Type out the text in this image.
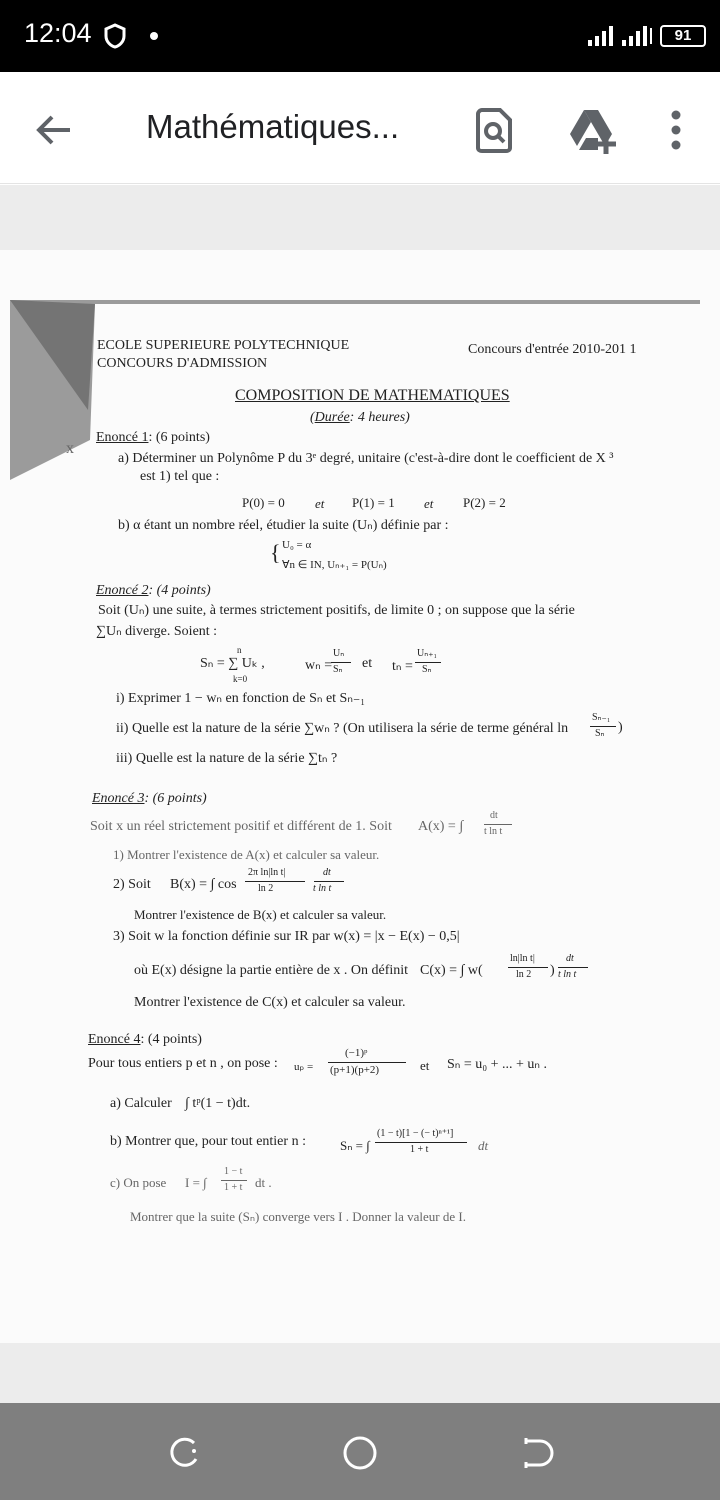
12:04	91
Mathématiques...
ECOLE SUPERIEURE POLYTECHNIQUE
CONCOURS D'ADMISSION
Concours d'entrée 2010-201 1
COMPOSITION DE MATHEMATIQUES
(Durée: 4 heures)
x
Enoncé 1: (6 points)
a) Déterminer un Polynôme P du 3ᵉ degré, unitaire (c'est-à-dire dont le coefficient de X ³
est 1) tel que :
P(0) = 0 et P(1) = 1 et P(2) = 2
b) α étant un nombre réel, étudier la suite (Uₙ) définie par :
{ U₀ = α
∀n ∈ IN, Uₙ₊₁ = P(Uₙ)
Enoncé 2: (4 points)
Soit (Uₙ) une suite, à termes strictement positifs, de limite 0 ; on suppose que la série
∑Uₙ diverge. Soient :
n
Sₙ = ∑ Uₖ ,
k=0
wₙ =
Uₙ
Sₙ et tₙ =
Uₙ₊₁
Sₙ
i) Exprimer 1 − wₙ en fonction de Sₙ et Sₙ₋₁
ii) Quelle est la nature de la série ∑wₙ ? (On utilisera la série de terme général ln
Sₙ₋₁
Sₙ )
iii) Quelle est la nature de la série ∑tₙ ?
Enoncé 3: (6 points)
Soit x un réel strictement positif et différent de 1. Soit A(x) = ∫
dt
t ln t
1) Montrer l'existence de A(x) et calculer sa valeur.
2) Soit B(x) = ∫ cos
2π ln|ln t|
ln 2
dt
t ln t
Montrer l'existence de B(x) et calculer sa valeur.
3) Soit w la fonction définie sur IR par w(x) = |x − E(x) − 0,5|
où E(x) désigne la partie entière de x . On définit C(x) = ∫ w(
ln|ln t|
ln 2 )
dt
t ln t
Montrer l'existence de C(x) et calculer sa valeur.
Enoncé 4: (4 points)
Pour tous entiers p et n , on pose : uₚ =
(−1)ᵖ
(p+1)(p+2)	et Sₙ = u₀ + ... + uₙ .
a) Calculer ∫ tᵖ(1 − t)dt.
b) Montrer que, pour tout entier n :	Sₙ = ∫
(1 − t)[1 − (− t)ⁿ⁺¹]
1 + t	dt
c) On pose I = ∫
1 − t
1 + t dt .
Montrer que la suite (Sₙ) converge vers I . Donner la valeur de I.
